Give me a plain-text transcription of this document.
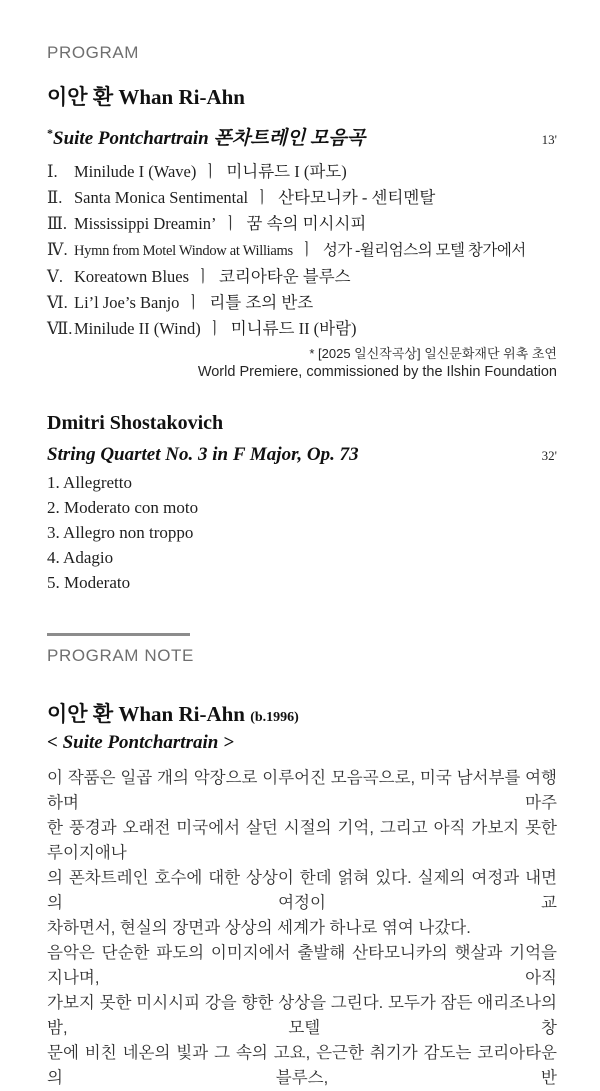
PROGRAM
이안 환 Whan Ri-Ahn
*Suite Pontchartrain 폰차트레인 모음곡	13'
Ⅰ. Minilude I (Wave) ㅣ 미니류드 I (파도)
Ⅱ. Santa Monica Sentimental ㅣ 산타모니카 - 센티멘탈
Ⅲ. Mississippi Dreamin’ ㅣ 꿈 속의 미시시피
Ⅳ. Hymn from Motel Window at Williams ㅣ 성가 -윌리엄스의 모텔 창가에서
Ⅴ. Koreatown Blues ㅣ 코리아타운 블루스
Ⅵ. Li’l Joe’s Banjo ㅣ 리틀 조의 반조
Ⅶ.Minilude II (Wind) ㅣ 미니류드 II (바람)
* [2025 일신작곡상] 일신문화재단 위촉 초연
World Premiere, commissioned by the Ilshin Foundation
Dmitri Shostakovich
String Quartet No. 3 in F Major, Op. 73	32'
1. Allegretto
2. Moderato con moto
3. Allegro non troppo
4. Adagio
5. Moderato
PROGRAM NOTE
이안 환 Whan Ri-Ahn (b.1996)
< Suite Pontchartrain >
이 작품은 일곱 개의 악장으로 이루어진 모음곡으로, 미국 남서부를 여행하며 마주
한 풍경과 오래전 미국에서 살던 시절의 기억, 그리고 아직 가보지 못한 루이지애나
의 폰차트레인 호수에 대한 상상이 한데 얽혀 있다. 실제의 여정과 내면의 여정이 교
차하면서, 현실의 장면과 상상의 세계가 하나로 엮여 나갔다.
음악은 단순한 파도의 이미지에서 출발해 산타모니카의 햇살과 기억을 지나며, 아직
가보지 못한 미시시피 강을 향한 상상을 그린다. 모두가 잠든 애리조나의 밤, 모텔 창
문에 비친 네온의 빛과 그 속의 고요, 은근한 취기가 감도는 코리아타운의 블루스, 반
